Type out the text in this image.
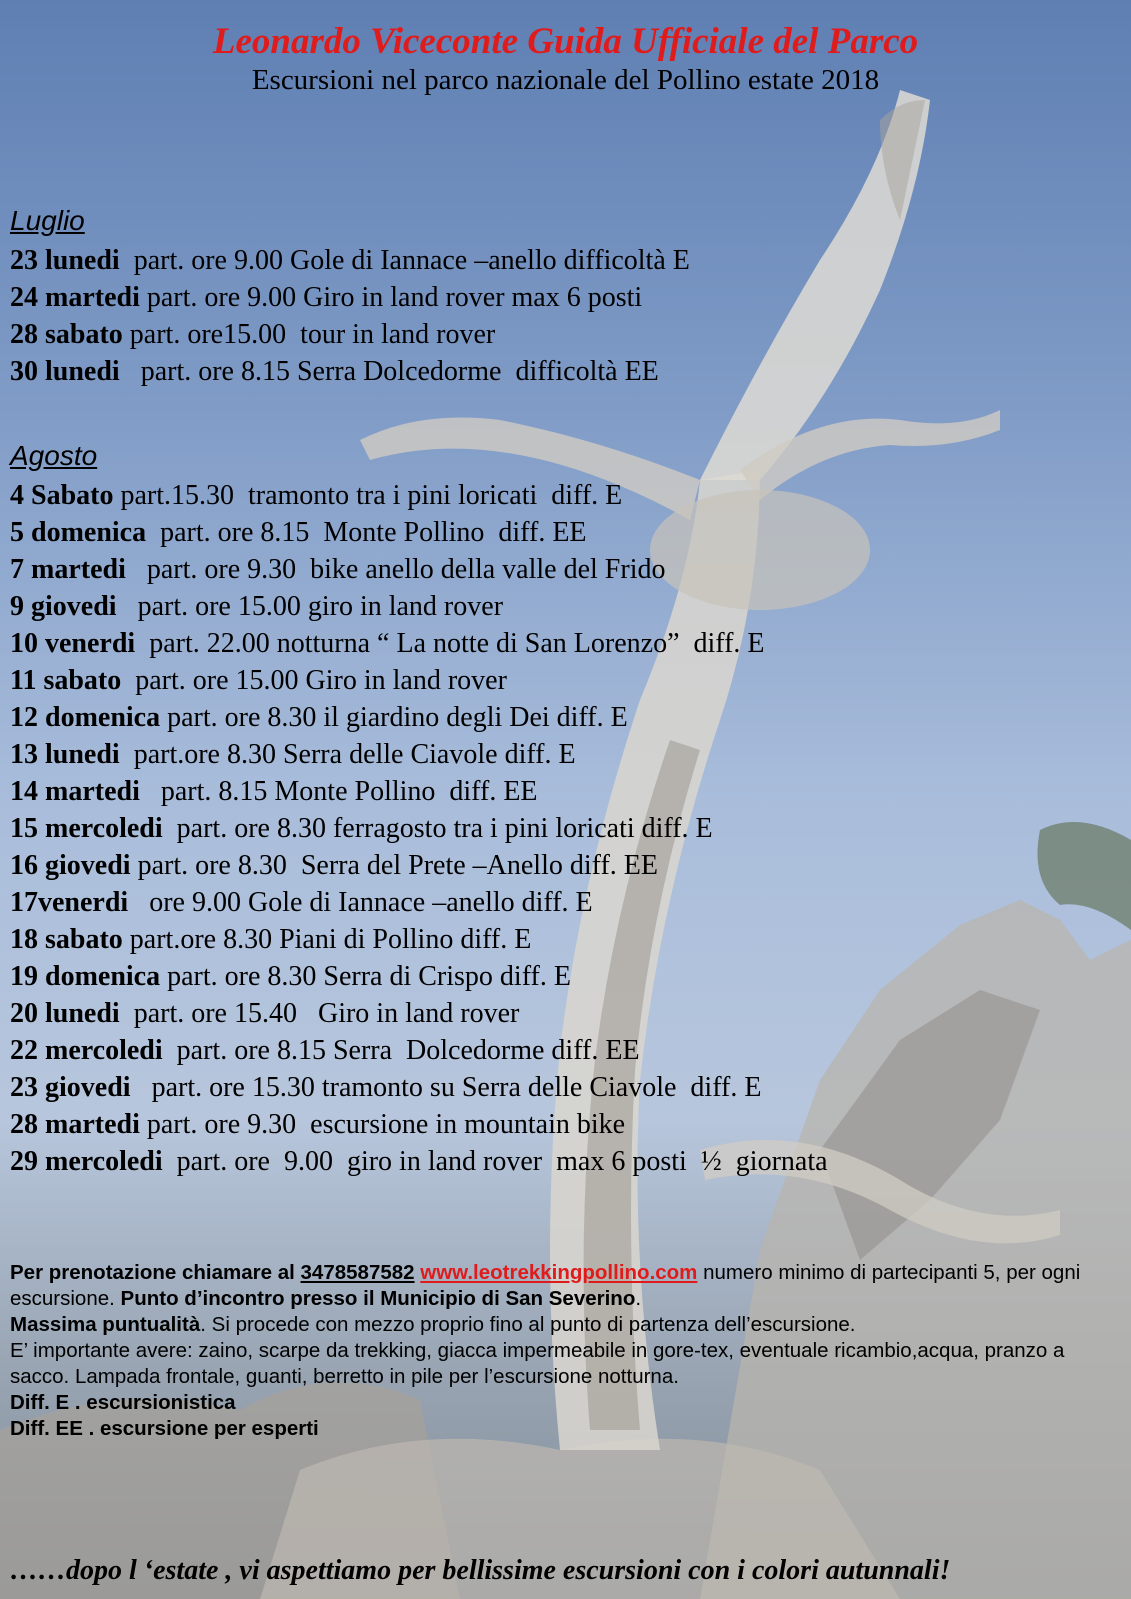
Leonardo Viceconte Guida Ufficiale del Parco
Escursioni nel parco nazionale del Pollino estate 2018
Luglio
23 lunedi  part. ore 9.00 Gole di Iannace –anello difficoltà E
24 martedi part. ore 9.00 Giro in land rover max 6 posti
28 sabato part. ore15.00  tour in land rover
30 lunedi   part. ore 8.15 Serra Dolcedorme  difficoltà EE
Agosto
4 Sabato part.15.30  tramonto tra i pini loricati  diff. E
5 domenica  part. ore 8.15  Monte Pollino  diff. EE
7 martedi   part. ore 9.30  bike anello della valle del Frido
9 giovedi   part. ore 15.00 giro in land rover
10 venerdi  part. 22.00 notturna “ La notte di San Lorenzo”  diff. E
11 sabato  part. ore 15.00 Giro in land rover
12 domenica part. ore 8.30 il giardino degli Dei diff. E
13 lunedi  part.ore 8.30 Serra delle Ciavole diff. E
14 martedi   part. 8.15 Monte Pollino  diff. EE
15 mercoledi  part. ore 8.30 ferragosto tra i pini loricati diff. E
16 giovedi part. ore 8.30  Serra del Prete –Anello diff. EE
17venerdi   ore 9.00 Gole di Iannace –anello diff. E
18 sabato part.ore 8.30 Piani di Pollino diff. E
19 domenica part. ore 8.30 Serra di Crispo diff. E
20 lunedi  part. ore 15.40   Giro in land rover
22 mercoledi  part. ore 8.15 Serra  Dolcedorme diff. EE
23 giovedi   part. ore 15.30 tramonto su Serra delle Ciavole  diff. E
28 martedi part. ore 9.30  escursione in mountain bike
29 mercoledi  part. ore  9.00  giro in land rover  max 6 posti  ½  giornata

Per prenotazione chiamare al 3478587582 www.leotrekkingpollino.com numero minimo di partecipanti 5, per ogni escursione. Punto d’incontro presso il Municipio di San Severino.

Massima puntualità. Si procede con mezzo proprio fino al punto di partenza dell’escursione.

E’ importante avere: zaino, scarpe da trekking, giacca impermeabile in gore-tex, eventuale ricambio,acqua, pranzo a sacco. Lampada frontale, guanti, berretto in pile per l’escursione notturna.

Diff. E . escursionistica

Diff. EE . escursione per esperti

……dopo l ‘estate , vi aspettiamo per bellissime escursioni con i colori autunnali!
